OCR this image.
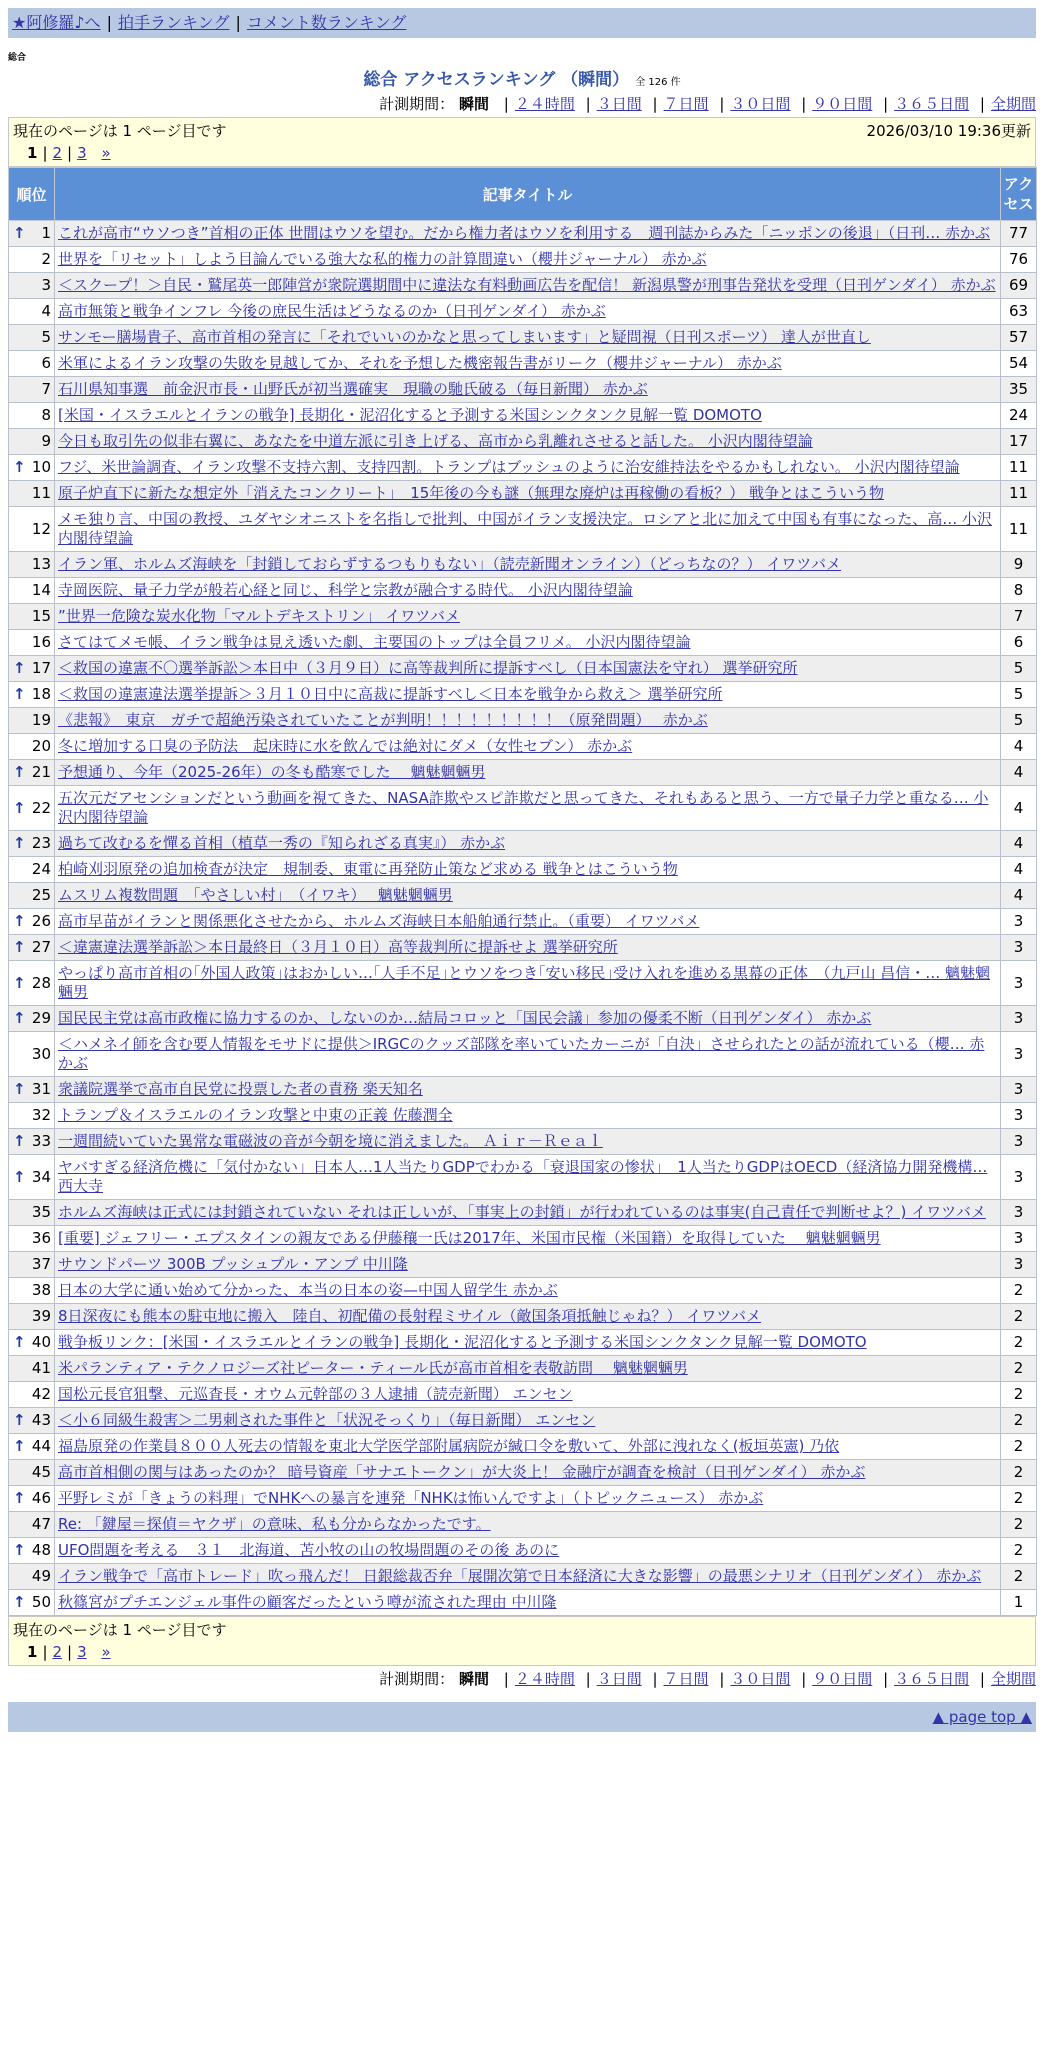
★阿修羅♪へ | 拍手ランキング | コメント数ランキング
総合
総合 アクセスランキング （瞬間） 全 126 件
計測期間： 瞬間 | ２４時間 | ３日間 | ７日間 | ３０日間 | ９０日間 | ３６５日間 | 全期間
現在のページは 1 ページ目です	2026/03/10 19:36更新
1 | 2 | 3 »
順位	記事タイトル	アクセス

↑ 1	これが高市“ウソつき”首相の正体 世間はウソを望む。だから権力者はウソを利用する　週刊誌からみた「ニッポンの後退」（日刊… 赤かぶ	77
2	世界を「リセット」しよう目論んでいる強大な私的権力の計算間違い（櫻井ジャーナル） 赤かぶ	76
3	＜スクープ！＞自民・鷲尾英一郎陣営が衆院選期間中に違法な有料動画広告を配信！ 新潟県警が刑事告発状を受理（日刊ゲンダイ） 赤かぶ	69
4	高市無策と戦争インフレ 今後の庶民生活はどうなるのか（日刊ゲンダイ） 赤かぶ	63
5	サンモー膳場貴子、高市首相の発言に「それでいいのかなと思ってしまいます」と疑問視（日刊スポーツ） 達人が世直し	57
6	米軍によるイラン攻撃の失敗を見越してか、それを予想した機密報告書がリーク（櫻井ジャーナル） 赤かぶ	54
7	石川県知事選　前金沢市長・山野氏が初当選確実　現職の馳氏破る（毎日新聞） 赤かぶ	35
8	[米国・イスラエルとイランの戦争] 長期化・泥沼化すると予測する米国シンクタンク見解一覧 DOMOTO	24
9	今日も取引先の似非右翼に、あなたを中道左派に引き上げる、高市から乳離れさせると話した。 小沢内閣待望論	17

↑ 10	フジ、米世論調査、イラン攻撃不支持六割、支持四割。トランプはブッシュのように治安維持法をやるかもしれない。 小沢内閣待望論	11
11	原子炉直下に新たな想定外「消えたコンクリート」　15年後の今も謎（無理な廃炉は再稼働の看板？） 戦争とはこういう物	11
12	メモ独り言、中国の教授、ユダヤシオニストを名指しで批判、中国がイラン支援決定。ロシアと北に加えて中国も有事になった、高… 小沢内閣待望論	11
13	イラン軍、ホルムズ海峡を「封鎖しておらずするつもりもない」（読売新聞オンライン）（どっちなの？） イワツバメ	9
14	寺岡医院、量子力学が般若心経と同じ、科学と宗教が融合する時代。 小沢内閣待望論	8
15	”世界一危険な炭水化物「マルトデキストリン」 イワツバメ	7
16	さてはてメモ帳、イラン戦争は見え透いた劇、主要国のトップは全員フリメ。 小沢内閣待望論	6

↑ 17	＜救国の違憲不〇選挙訴訟＞本日中（３月９日）に高等裁判所に提訴すべし（日本国憲法を守れ） 選挙研究所	5

↑ 18	＜救国の違憲違法選挙提訴＞３月１０日中に高裁に提訴すべし＜日本を戦争から救え＞ 選挙研究所	5
19	《悲報》　東京　ガチで超絶汚染されていたことが判明！！！！！！！！！（原発問題）　 赤かぶ	5
20	冬に増加する口臭の予防法　起床時に水を飲んでは絶対にダメ（女性セブン） 赤かぶ	4

↑ 21	予想通り、今年（2025-26年）の冬も酷寒でした　 魑魅魍魎男	4

↑ 22	五次元だアセンションだという動画を視てきた、NASA詐欺やスピ詐欺だと思ってきた、それもあると思う、一方で量子力学と重なる… 小沢内閣待望論	4

↑ 23	過ちて改むるを憚る首相（植草一秀の『知られざる真実』） 赤かぶ	4
24	柏崎刈羽原発の追加検査が決定　規制委、東電に再発防止策など求める 戦争とはこういう物	4
25	ムスリム複数問題　「やさしい村」　（イワキ）　 魑魅魍魎男	4

↑ 26	高市早苗がイランと関係悪化させたから、ホルムズ海峡日本船舶通行禁止。（重要） イワツバメ	3

↑ 27	＜違憲違法選挙訴訟＞本日最終日（３月１０日）高等裁判所に提訴せよ 選挙研究所	3

↑ 28	やっぱり高市首相の｢外国人政策｣はおかしい…｢人手不足｣とウソをつき｢安い移民｣受け入れを進める黒幕の正体　（九戸山 昌信・… 魑魅魍魎男	3

↑ 29	国民民主党は高市政権に協力するのか、しないのか…結局コロッと「国民会議」参加の優柔不断（日刊ゲンダイ） 赤かぶ	3
30	＜ハメネイ師を含む要人情報をモサドに提供＞IRGCのクッズ部隊を率いていたカーニが「自決」させられたとの話が流れている（櫻… 赤かぶ	3

↑ 31	衆議院選挙で高市自民党に投票した者の責務 楽天知名	3
32	トランプ＆イスラエルのイラン攻撃と中東の正義 佐藤潤全	3

↑ 33	一週間続いていた異常な電磁波の音が今朝を境に消えました。 Ａｉｒ－Ｒｅａｌ	3

↑ 34	ヤバすぎる経済危機に「気付かない」日本人…1人当たりGDPでわかる「衰退国家の惨状」　1人当たりGDPはOECD（経済協力開発機構… 西大寺	3
35	ホルムズ海峡は正式には封鎖されていない それは正しいが、「事実上の封鎖」が行われているのは事実(自己責任で判断せよ？) イワツバメ	3
36	[重要] ジェフリー・エプスタインの親友である伊藤穰一氏は2017年、米国市民権（米国籍）を取得していた　 魑魅魍魎男	3
37	サウンドパーツ 300B プッシュプル・アンプ 中川隆	3
38	日本の大学に通い始めて分かった、本当の日本の姿—中国人留学生 赤かぶ	2
39	8日深夜にも熊本の駐屯地に搬入　陸自、初配備の長射程ミサイル（敵国条項抵触じゃね？） イワツバメ	2

↑ 40	戦争板リンク：[米国・イスラエルとイランの戦争] 長期化・泥沼化すると予測する米国シンクタンク見解一覧 DOMOTO	2
41	米パランティア・テクノロジーズ社ピーター・ティール氏が高市首相を表敬訪問　 魑魅魍魎男	2
42	国松元長官狙撃、元巡査長・オウム元幹部の３人逮捕（読売新聞） エンセン	2

↑ 43	＜小６同級生殺害＞二男刺された事件と「状況そっくり」（毎日新聞） エンセン	2

↑ 44	福島原発の作業員８００人死去の情報を東北大学医学部附属病院が緘口令を敷いて、外部に洩れなく(板垣英憲) 乃依	2
45	高市首相側の関与はあったのか？ 暗号資産「サナエトークン」が大炎上！ 金融庁が調査を検討（日刊ゲンダイ） 赤かぶ	2

↑ 46	平野レミが「きょうの料理」でNHKへの暴言を連発「NHKは怖いんですよ」（トピックニュース） 赤かぶ	2
47	Re: 「鍵屋＝探偵＝ヤクザ」の意味、私も分からなかったです。	2

↑ 48	UFO問題を考える　３１　北海道、苫小牧の山の牧場問題のその後 あのに	2
49	イラン戦争で「高市トレード」吹っ飛んだ！ 日銀総裁否弁「展開次第で日本経済に大きな影響」の最悪シナリオ（日刊ゲンダイ） 赤かぶ	2

↑ 50	秋篠宮がプチエンジェル事件の顧客だったという噂が流された理由 中川隆	1
現在のページは 1 ページ目です
1 | 2 | 3 »
計測期間： 瞬間 | ２４時間 | ３日間 | ７日間 | ３０日間 | ９０日間 | ３６５日間 | 全期間
▲ page top ▲
